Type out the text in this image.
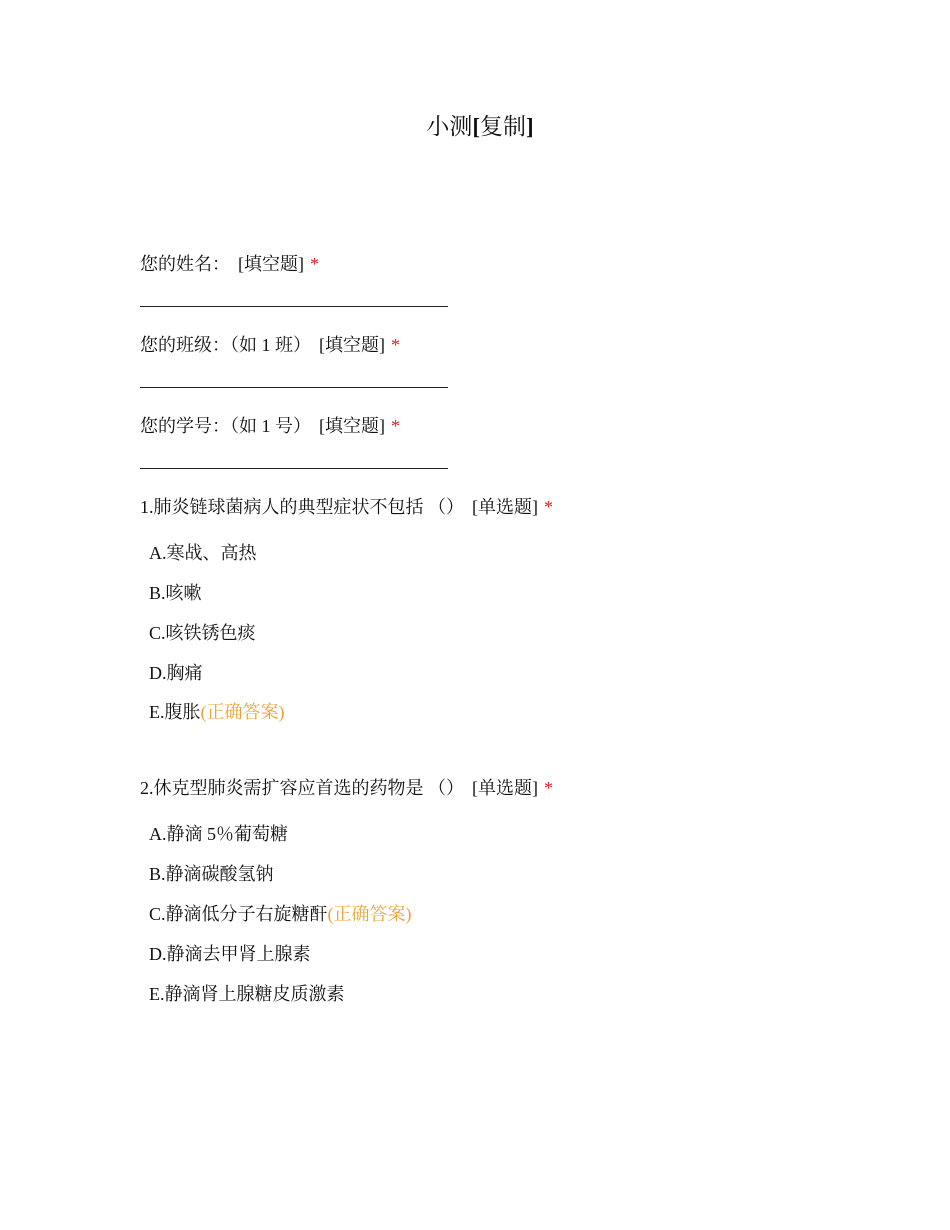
小测[复制]
您的姓名： [填空题] *
您的班级：（如 1 班） [填空题] *
您的学号：（如 1 号） [填空题] *
1.肺炎链球菌病人的典型症状不包括 （） [单选题] *
A.寒战、高热
B.咳嗽
C.咳铁锈色痰
D.胸痛
E.腹胀(正确答案)
2.休克型肺炎需扩容应首选的药物是 （） [单选题] *
A.静滴 5％葡萄糖
B.静滴碳酸氢钠
C.静滴低分子右旋糖酐(正确答案)
D.静滴去甲肾上腺素
E.静滴肾上腺糖皮质激素
